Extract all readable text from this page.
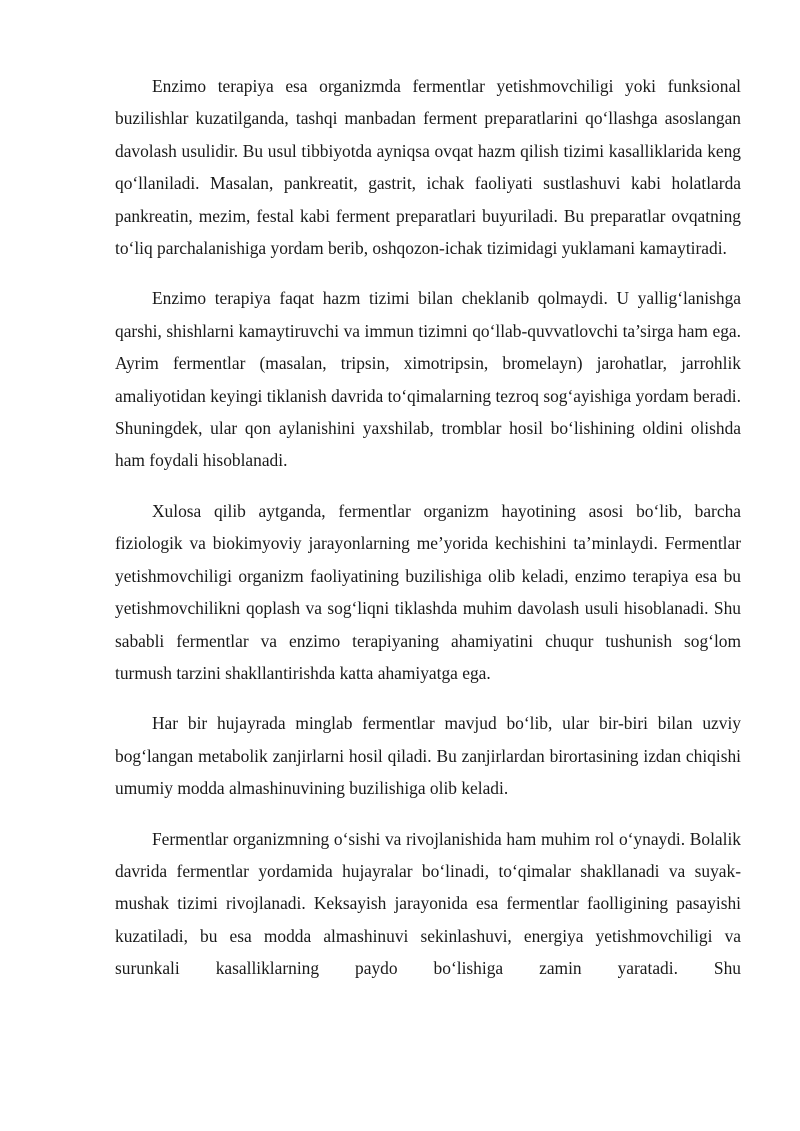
Enzimo terapiya esa organizmda fermentlar yetishmovchiligi yoki funksional buzilishlar kuzatilganda, tashqi manbadan ferment preparatlarini qo‘llashga asoslangan davolash usulidir. Bu usul tibbiyotda ayniqsa ovqat hazm qilish tizimi kasalliklarida keng qo‘llaniladi. Masalan, pankreatit, gastrit, ichak faoliyati sustlashuvi kabi holatlarda pankreatin, mezim, festal kabi ferment preparatlari buyuriladi. Bu preparatlar ovqatning to‘liq parchalanishiga yordam berib, oshqozon-ichak tizimidagi yuklamani kamaytiradi.

Enzimo terapiya faqat hazm tizimi bilan cheklanib qolmaydi. U yallig‘lanishga qarshi, shishlarni kamaytiruvchi va immun tizimni qo‘llab-quvvatlovchi ta’sirga ham ega. Ayrim fermentlar (masalan, tripsin, ximotripsin, bromelayn) jarohatlar, jarrohlik amaliyotidan keyingi tiklanish davrida to‘qimalarning tezroq sog‘ayishiga yordam beradi. Shuningdek, ular qon aylanishini yaxshilab, tromblar hosil bo‘lishining oldini olishda ham foydali hisoblanadi.

Xulosa qilib aytganda, fermentlar organizm hayotining asosi bo‘lib, barcha fiziologik va biokimyoviy jarayonlarning me’yorida kechishini ta’minlaydi. Fermentlar yetishmovchiligi organizm faoliyatining buzilishiga olib keladi, enzimo terapiya esa bu yetishmovchilikni qoplash va sog‘liqni tiklashda muhim davolash usuli hisoblanadi. Shu sababli fermentlar va enzimo terapiyaning ahamiyatini chuqur tushunish sog‘lom turmush tarzini shakllantirishda katta ahamiyatga ega.

Har bir hujayrada minglab fermentlar mavjud bo‘lib, ular bir-biri bilan uzviy bog‘langan metabolik zanjirlarni hosil qiladi. Bu zanjirlardan birortasining izdan chiqishi umumiy modda almashinuvining buzilishiga olib keladi.

Fermentlar organizmning o‘sishi va rivojlanishida ham muhim rol o‘ynaydi. Bolalik davrida fermentlar yordamida hujayralar bo‘linadi, to‘qimalar shakllanadi va suyak-mushak tizimi rivojlanadi. Keksayish jarayonida esa fermentlar faolligining pasayishi kuzatiladi, bu esa modda almashinuvi sekinlashuvi, energiya yetishmovchiligi va surunkali kasalliklarning paydo bo‘lishiga zamin yaratadi. Shu
